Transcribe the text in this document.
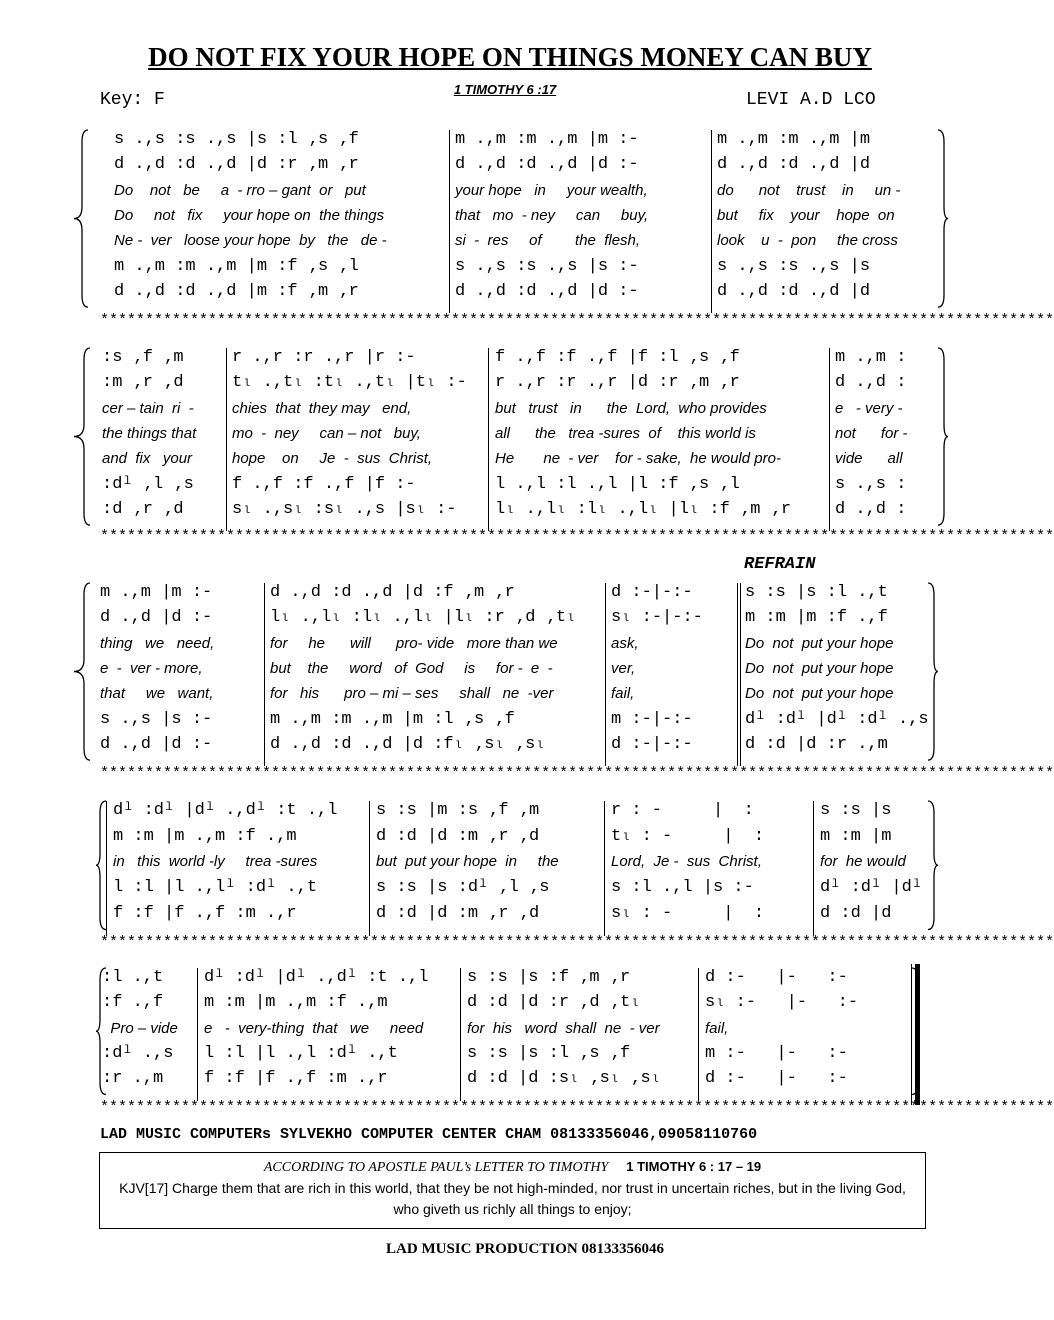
DO NOT FIX YOUR HOPE ON THINGS MONEY CAN BUY
1 TIMOTHY 6 :17
Key: F	LEVI A.D LCO
REFRAIN
s .,s :s .,s |s :l ‚s ‚f
d .,d :d .,d |d :r ‚m ‚r
Do    not   be     a  - rro – gant  or   put
Do     not   fix     your hope on  the things
Ne -  ver   loose your hope  by   the   de -
m .,m :m .,m |m :f ‚s ‚l
d .,d :d .,d |m :f ‚m ‚r
m .,m :m .,m |m :-
d .,d :d .,d |d :-
your hope   in     your wealth,
that   mo  - ney     can     buy,
si  -  res     of        the  flesh,
s .,s :s .,s |s :-
d .,d :d .,d |d :-
m .,m :m .,m |m
d .,d :d .,d |d
do      not    trust    in     un -
but     fix    your    hope  on
look    u  -  pon     the cross
s .,s :s .,s |s
d .,d :d .,d |d
**********************************************************************************************************
:s ‚f ‚m
:m ‚r ‚d
cer – tain  ri  -
the things that
and  fix   your
:dˡ ‚l ‚s
:d ‚r ‚d
r .,r :r .,r |r :-
tₗ .,tₗ :tₗ .,tₗ |tₗ :-
chies  that  they may   end,
mo  -  ney     can – not   buy,
hope    on     Je  -  sus  Christ,
f .,f :f .,f |f :-
sₗ .,sₗ :sₗ .,s |sₗ :-
f .,f :f .,f |f :l ‚s ‚f
r .,r :r .,r |d :r ‚m ‚r
but   trust   in      the  Lord,  who provides
all      the   trea -sures  of    this world is
He       ne  - ver    for - sake,  he would pro-
l .,l :l .,l |l :f ‚s ‚l
lₗ .,lₗ :lₗ .,lₗ |lₗ :f ‚m ‚r
m .,m :
d .,d :
e   - very -
not      for -
vide      all
s .,s :
d .,d :
**********************************************************************************************************
m .,m |m :-
d .,d |d :-
thing   we   need,
e  -  ver - more,
that     we   want,
s .,s |s :-
d .,d |d :-
d .,d :d .,d |d :f ‚m ‚r
lₗ .,lₗ :lₗ .,lₗ |lₗ :r ‚d ‚tₗ
for     he      will      pro- vide   more than we
but    the     word   of  God     is     for -  e  -
for   his      pro – mi – ses     shall   ne  -ver
m .,m :m .,m |m :l ‚s ‚f
d .,d :d .,d |d :fₗ ‚sₗ ‚sₗ
d :-|-:-
sₗ :-|-:-
ask,
ver,
fail,
m :-|-:-
d :-|-:-
s :s |s :l .,t
m :m |m :f .,f
Do  not  put your hope
Do  not  put your hope
Do  not  put your hope
dˡ :dˡ |dˡ :dˡ .,s
d :d |d :r .,m
**********************************************************************************************************
dˡ :dˡ |dˡ .,dˡ :t .,l
m :m |m .,m :f .,m
in   this  world -ly     trea -sures
l :l |l .,lˡ :dˡ .,t
f :f |f .,f :m .,r
s :s |m :s ‚f ‚m
d :d |d :m ‚r ‚d
but  put your hope  in     the
s :s |s :dˡ ‚l ‚s
d :d |d :m ‚r ‚d
r : -     |  :
tₗ : -     |  :
Lord,  Je -  sus  Christ,
s :l .,l |s :-
sₗ : -     |  :
s :s |s
m :m |m
for  he would
dˡ :dˡ |dˡ
d :d |d
**********************************************************************************************************
:l .,t
:f .,f
Pro – vide
:dˡ .,s
:r .,m
dˡ :dˡ |dˡ .,dˡ :t .,l
m :m |m .,m :f .,m
e   -  very-thing  that   we     need
l :l |l .,l :dˡ .,t
f :f |f .,f :m .,r
s :s |s :f ‚m ‚r
d :d |d :r ‚d ‚tₗ
for  his   word  shall  ne  - ver
s :s |s :l ‚s ‚f
d :d |d :sₗ ‚sₗ ‚sₗ
d :-   |-   :-
sₗ :-   |-   :-
fail,
m :-   |-   :-
d :-   |-   :-
**********************************************************************************************************
LAD MUSIC COMPUTERs SYLVEKHO COMPUTER CENTER CHAM 08133356046,09058110760
ACCORDING TO APOSTLE PAUL’s LETTER TO TIMOTHY 1 TIMOTHY 6 : 17 – 19
KJV[17] Charge them that are rich in this world, that they be not high-minded, nor trust in uncertain riches, but in the living God, who giveth us richly all things to enjoy;
LAD MUSIC PRODUCTION 08133356046
